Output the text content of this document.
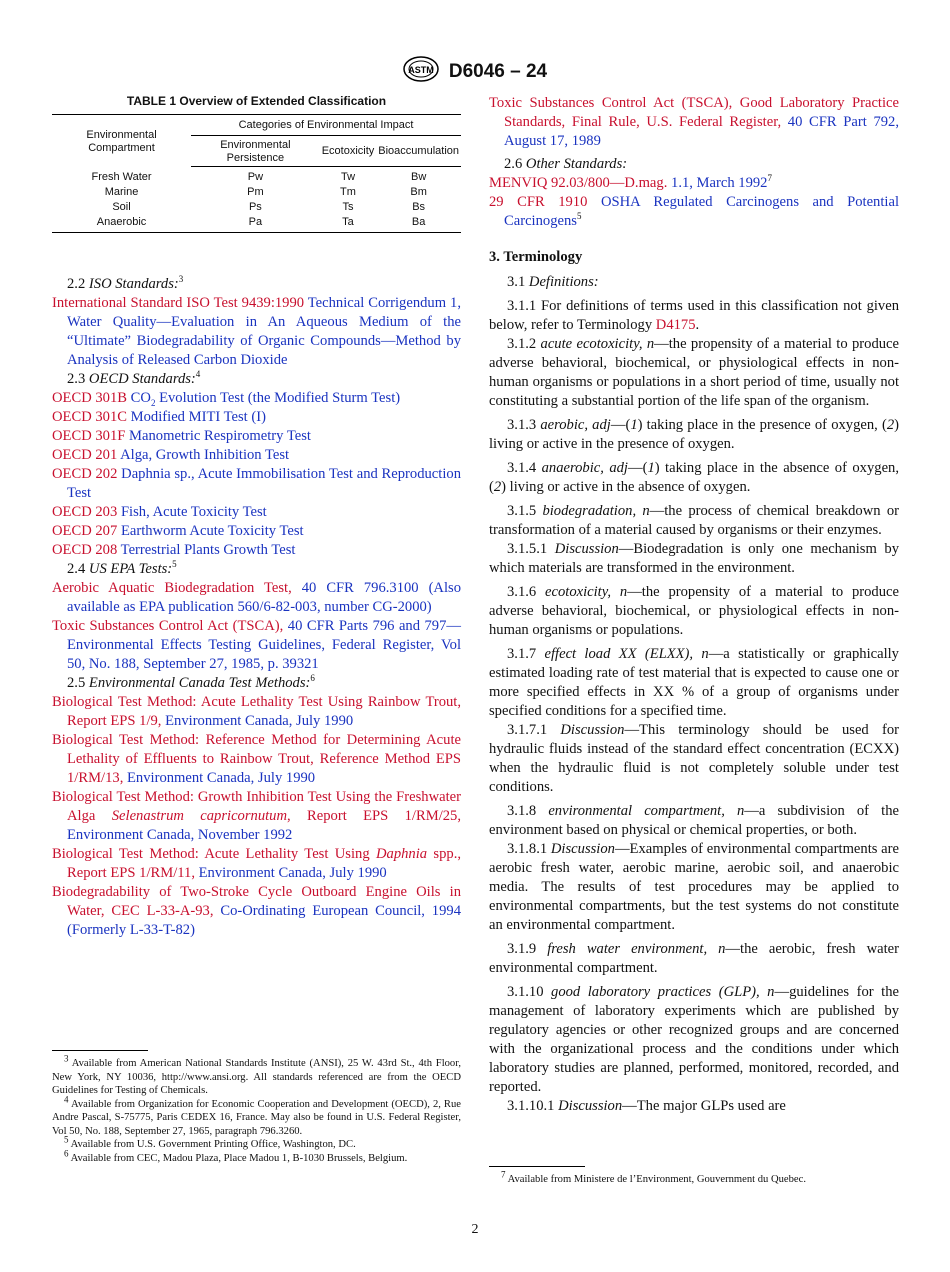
ASTM D6046 – 24

TABLE 1 Overview of Extended Classification

Environmental Compartment	Categories of Environmental Impact		
	Environmental Persistence	Ecotoxicity	Bioaccumulation
Fresh Water	Pw	Tw	Bw
Marine	Pm	Tm	Bm
Soil	Ps	Ts	Bs
Anaerobic	Pa	Ta	Ba

2.2 ISO Standards:$^3$

International Standard ISO Test 9439:1990 Technical Corrigendum 1, Water Quality—Evaluation in An Aqueous Medium of the “Ultimate” Biodegradability of Organic Compounds—Method by Analysis of Released Carbon Dioxide

2.3 OECD Standards:$^4$

OECD 301B $CO_2$ Evolution Test (the Modified Sturm Test)

OECD 301C Modified MITI Test (I)

OECD 301F Manometric Respirometry Test

OECD 201 Alga, Growth Inhibition Test

OECD 202 Daphnia sp., Acute Immobilisation Test and Reproduction Test

OECD 203 Fish, Acute Toxicity Test

OECD 207 Earthworm Acute Toxicity Test

OECD 208 Terrestrial Plants Growth Test

2.4 US EPA Tests:$^5$

Aerobic Aquatic Biodegradation Test, 40 CFR 796.3100 (Also available as EPA publication 560/6-82-003, number CG-2000)

Toxic Substances Control Act (TSCA), 40 CFR Parts 796 and 797—Environmental Effects Testing Guidelines, Federal Register, Vol 50, No. 188, September 27, 1985, p. 39321

2.5 Environmental Canada Test Methods:$^6$

Biological Test Method: Acute Lethality Test Using Rainbow Trout, Report EPS 1/9, Environment Canada, July 1990

Biological Test Method: Reference Method for Determining Acute Lethality of Effluents to Rainbow Trout, Reference Method EPS 1/RM/13, Environment Canada, July 1990

Biological Test Method: Growth Inhibition Test Using the Freshwater Alga Selenastrum capricornutum, Report EPS 1/RM/25, Environment Canada, November 1992

Biological Test Method: Acute Lethality Test Using Daphnia spp., Report EPS 1/RM/11, Environment Canada, July 1990

Biodegradability of Two-Stroke Cycle Outboard Engine Oils in Water, CEC L-33-A-93, Co-Ordinating European Council, 1994 (Formerly L-33-T-82)

$^3$ Available from American National Standards Institute (ANSI), 25 W. 43rd St., 4th Floor, New York, NY 10036, http://www.ansi.org. All standards referenced are from the OECD Guidelines for Testing of Chemicals.

$^4$ Available from Organization for Economic Cooperation and Development (OECD), 2, Rue Andre Pascal, S-75775, Paris CEDEX 16, France. May also be found in U.S. Federal Register, Vol 50, No. 188, September 27, 1965, paragraph 796.3260.

$^5$ Available from U.S. Government Printing Office, Washington, DC.

$^6$ Available from CEC, Madou Plaza, Place Madou 1, B-1030 Brussels, Belgium.

Toxic Substances Control Act (TSCA), Good Laboratory Practice Standards, Final Rule, U.S. Federal Register, 40 CFR Part 792, August 17, 1989

2.6 Other Standards:

MENVIQ 92.03/800—D.mag. 1.1, March 1992$^7$

29 CFR 1910 OSHA Regulated Carcinogens and Potential Carcinogens$^5$

3. Terminology

3.1 Definitions:

3.1.1 For definitions of terms used in this classification not given below, refer to Terminology D4175.

3.1.2 acute ecotoxicity, n—the propensity of a material to produce adverse behavioral, biochemical, or physiological effects in non-human organisms or populations in a short period of time, usually not constituting a substantial portion of the life span of the organism.

3.1.3 aerobic, adj—(1) taking place in the presence of oxygen, (2) living or active in the presence of oxygen.

3.1.4 anaerobic, adj—(1) taking place in the absence of oxygen, (2) living or active in the absence of oxygen.

3.1.5 biodegradation, n—the process of chemical breakdown or transformation of a material caused by organisms or their enzymes.

3.1.5.1 Discussion—Biodegradation is only one mechanism by which materials are transformed in the environment.

3.1.6 ecotoxicity, n—the propensity of a material to produce adverse behavioral, biochemical, or physiological effects in non-human organisms or populations.

3.1.7 effect load XX (ELXX), n—a statistically or graphically estimated loading rate of test material that is expected to cause one or more specified effects in XX % of a group of organisms under specified conditions for a specified time.

3.1.7.1 Discussion—This terminology should be used for hydraulic fluids instead of the standard effect concentration (ECXX) when the hydraulic fluid is not completely soluble under test conditions.

3.1.8 environmental compartment, n—a subdivision of the environment based on physical or chemical properties, or both.

3.1.8.1 Discussion—Examples of environmental compartments are aerobic fresh water, aerobic marine, aerobic soil, and anaerobic media. The results of test procedures may be applied to environmental compartments, but the test systems do not constitute an environmental compartment.

3.1.9 fresh water environment, n—the aerobic, fresh water environmental compartment.

3.1.10 good laboratory practices (GLP), n—guidelines for the management of laboratory experiments which are published by regulatory agencies or other recognized groups and are concerned with the organizational process and the conditions under which laboratory studies are planned, performed, monitored, recorded, and reported.

3.1.10.1 Discussion—The major GLPs used are

$^7$ Available from Ministere de l’Environment, Gouvernment du Quebec.

2
